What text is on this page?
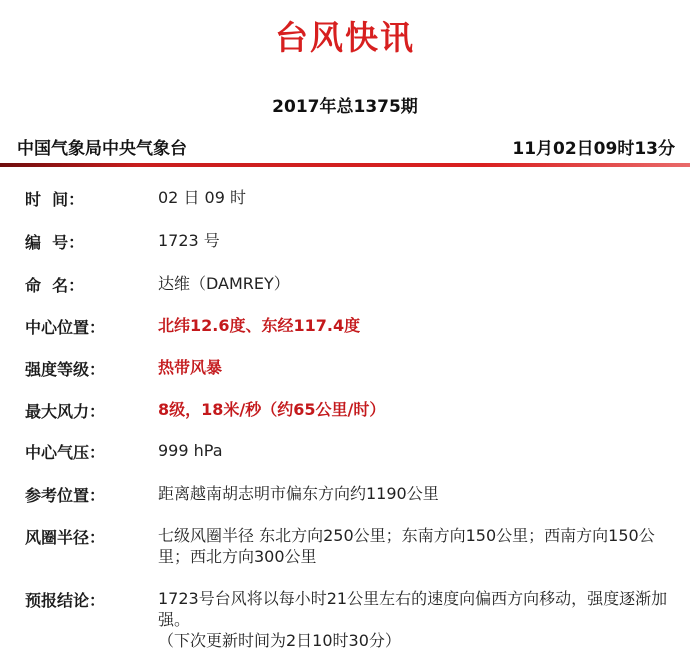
台风快讯
2017年总1375期
中国气象局中央气象台	11月02日09时13分
时  间：	02 日 09 时
编  号：	1723 号
命  名：	达维（DAMREY）
中心位置：	北纬12.6度、东经117.4度
强度等级：	热带风暴
最大风力：	8级，18米/秒（约65公里/时）
中心气压：	999 hPa
参考位置：	距离越南胡志明市偏东方向约1190公里
风圈半径：	七级风圈半径 东北方向250公里；东南方向150公里；西南方向150公里；西北方向300公里
预报结论：	1723号台风将以每小时21公里左右的速度向偏西方向移动，强度逐渐加强。
（下次更新时间为2日10时30分）
